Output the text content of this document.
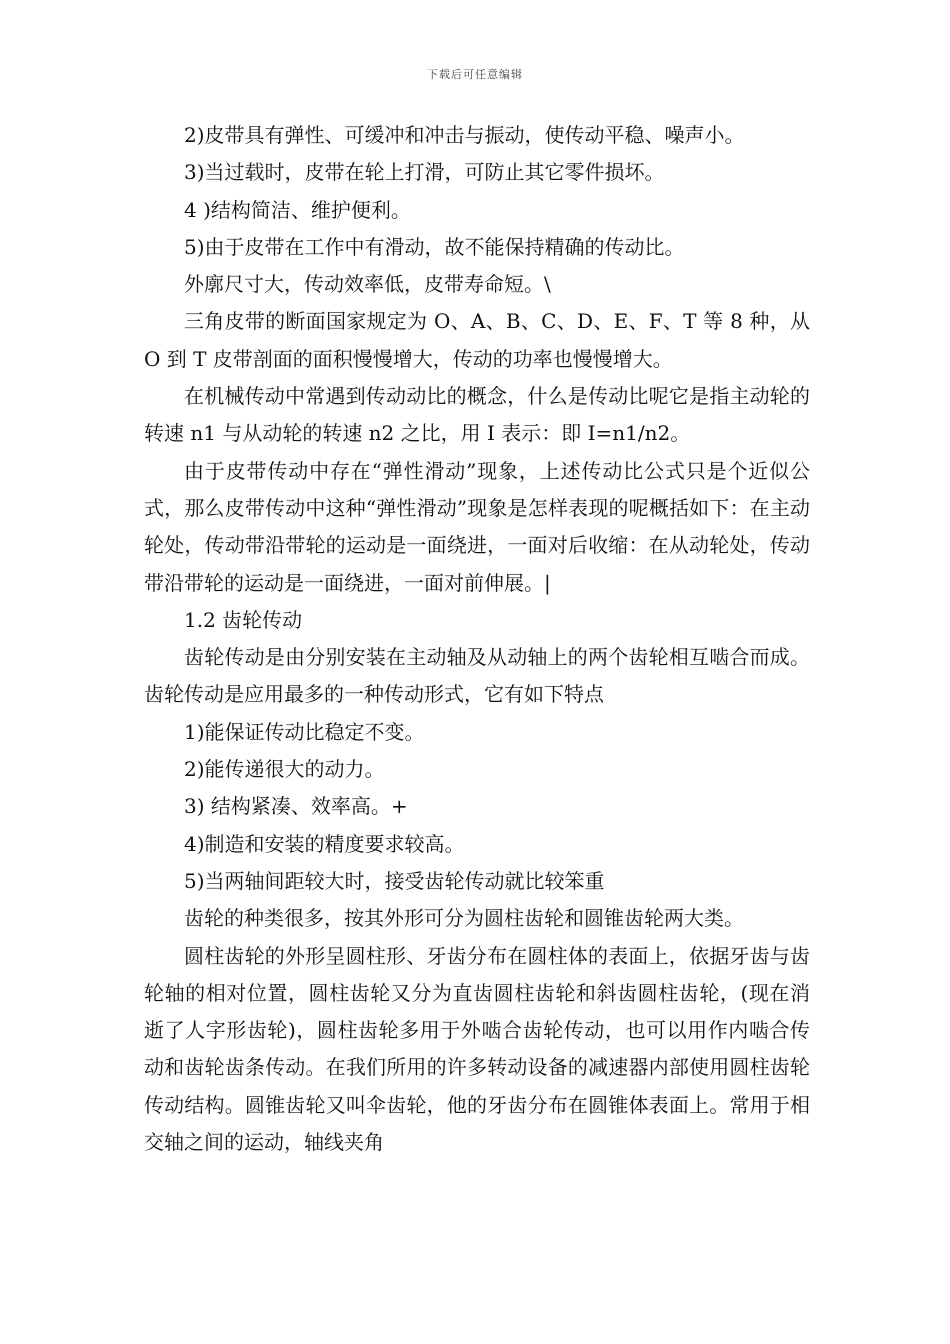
下载后可任意编辑

2)皮带具有弹性、可缓冲和冲击与振动，使传动平稳、噪声小。

3)当过载时，皮带在轮上打滑，可防止其它零件损坏。

4 )结构简洁、维护便利。

5)由于皮带在工作中有滑动，故不能保持精确的传动比。

外廓尺寸大，传动效率低，皮带寿命短。\

三角皮带的断面国家规定为 O、A、B、C、D、E、F、T 等 8 种，从 O 到 T 皮带剖面的面积慢慢增大，传动的功率也慢慢增大。

在机械传动中常遇到传动动比的概念，什么是传动比呢它是指主动轮的转速 n1 与从动轮的转速 n2 之比，用 I 表示：即 I=n1/n2。

由于皮带传动中存在“弹性滑动”现象，上述传动比公式只是个近似公式，那么皮带传动中这种“弹性滑动”现象是怎样表现的呢概括如下：在主动轮处，传动带沿带轮的运动是一面绕进，一面对后收缩：在从动轮处，传动带沿带轮的运动是一面绕进，一面对前伸展。|

1.2 齿轮传动

齿轮传动是由分别安装在主动轴及从动轴上的两个齿轮相互啮合而成。齿轮传动是应用最多的一种传动形式，它有如下特点

1)能保证传动比稳定不变。

2)能传递很大的动力。

3) 结构紧凑、效率高。+

4)制造和安装的精度要求较高。

5)当两轴间距较大时，接受齿轮传动就比较笨重

齿轮的种类很多，按其外形可分为圆柱齿轮和圆锥齿轮两大类。

圆柱齿轮的外形呈圆柱形、牙齿分布在圆柱体的表面上，依据牙齿与齿轮轴的相对位置，圆柱齿轮又分为直齿圆柱齿轮和斜齿圆柱齿轮，(现在消逝了人字形齿轮)，圆柱齿轮多用于外啮合齿轮传动，也可以用作内啮合传动和齿轮齿条传动。在我们所用的许多转动设备的减速器内部使用圆柱齿轮传动结构。圆锥齿轮又叫伞齿轮，他的牙齿分布在圆锥体表面上。常用于相交轴之间的运动，轴线夹角
